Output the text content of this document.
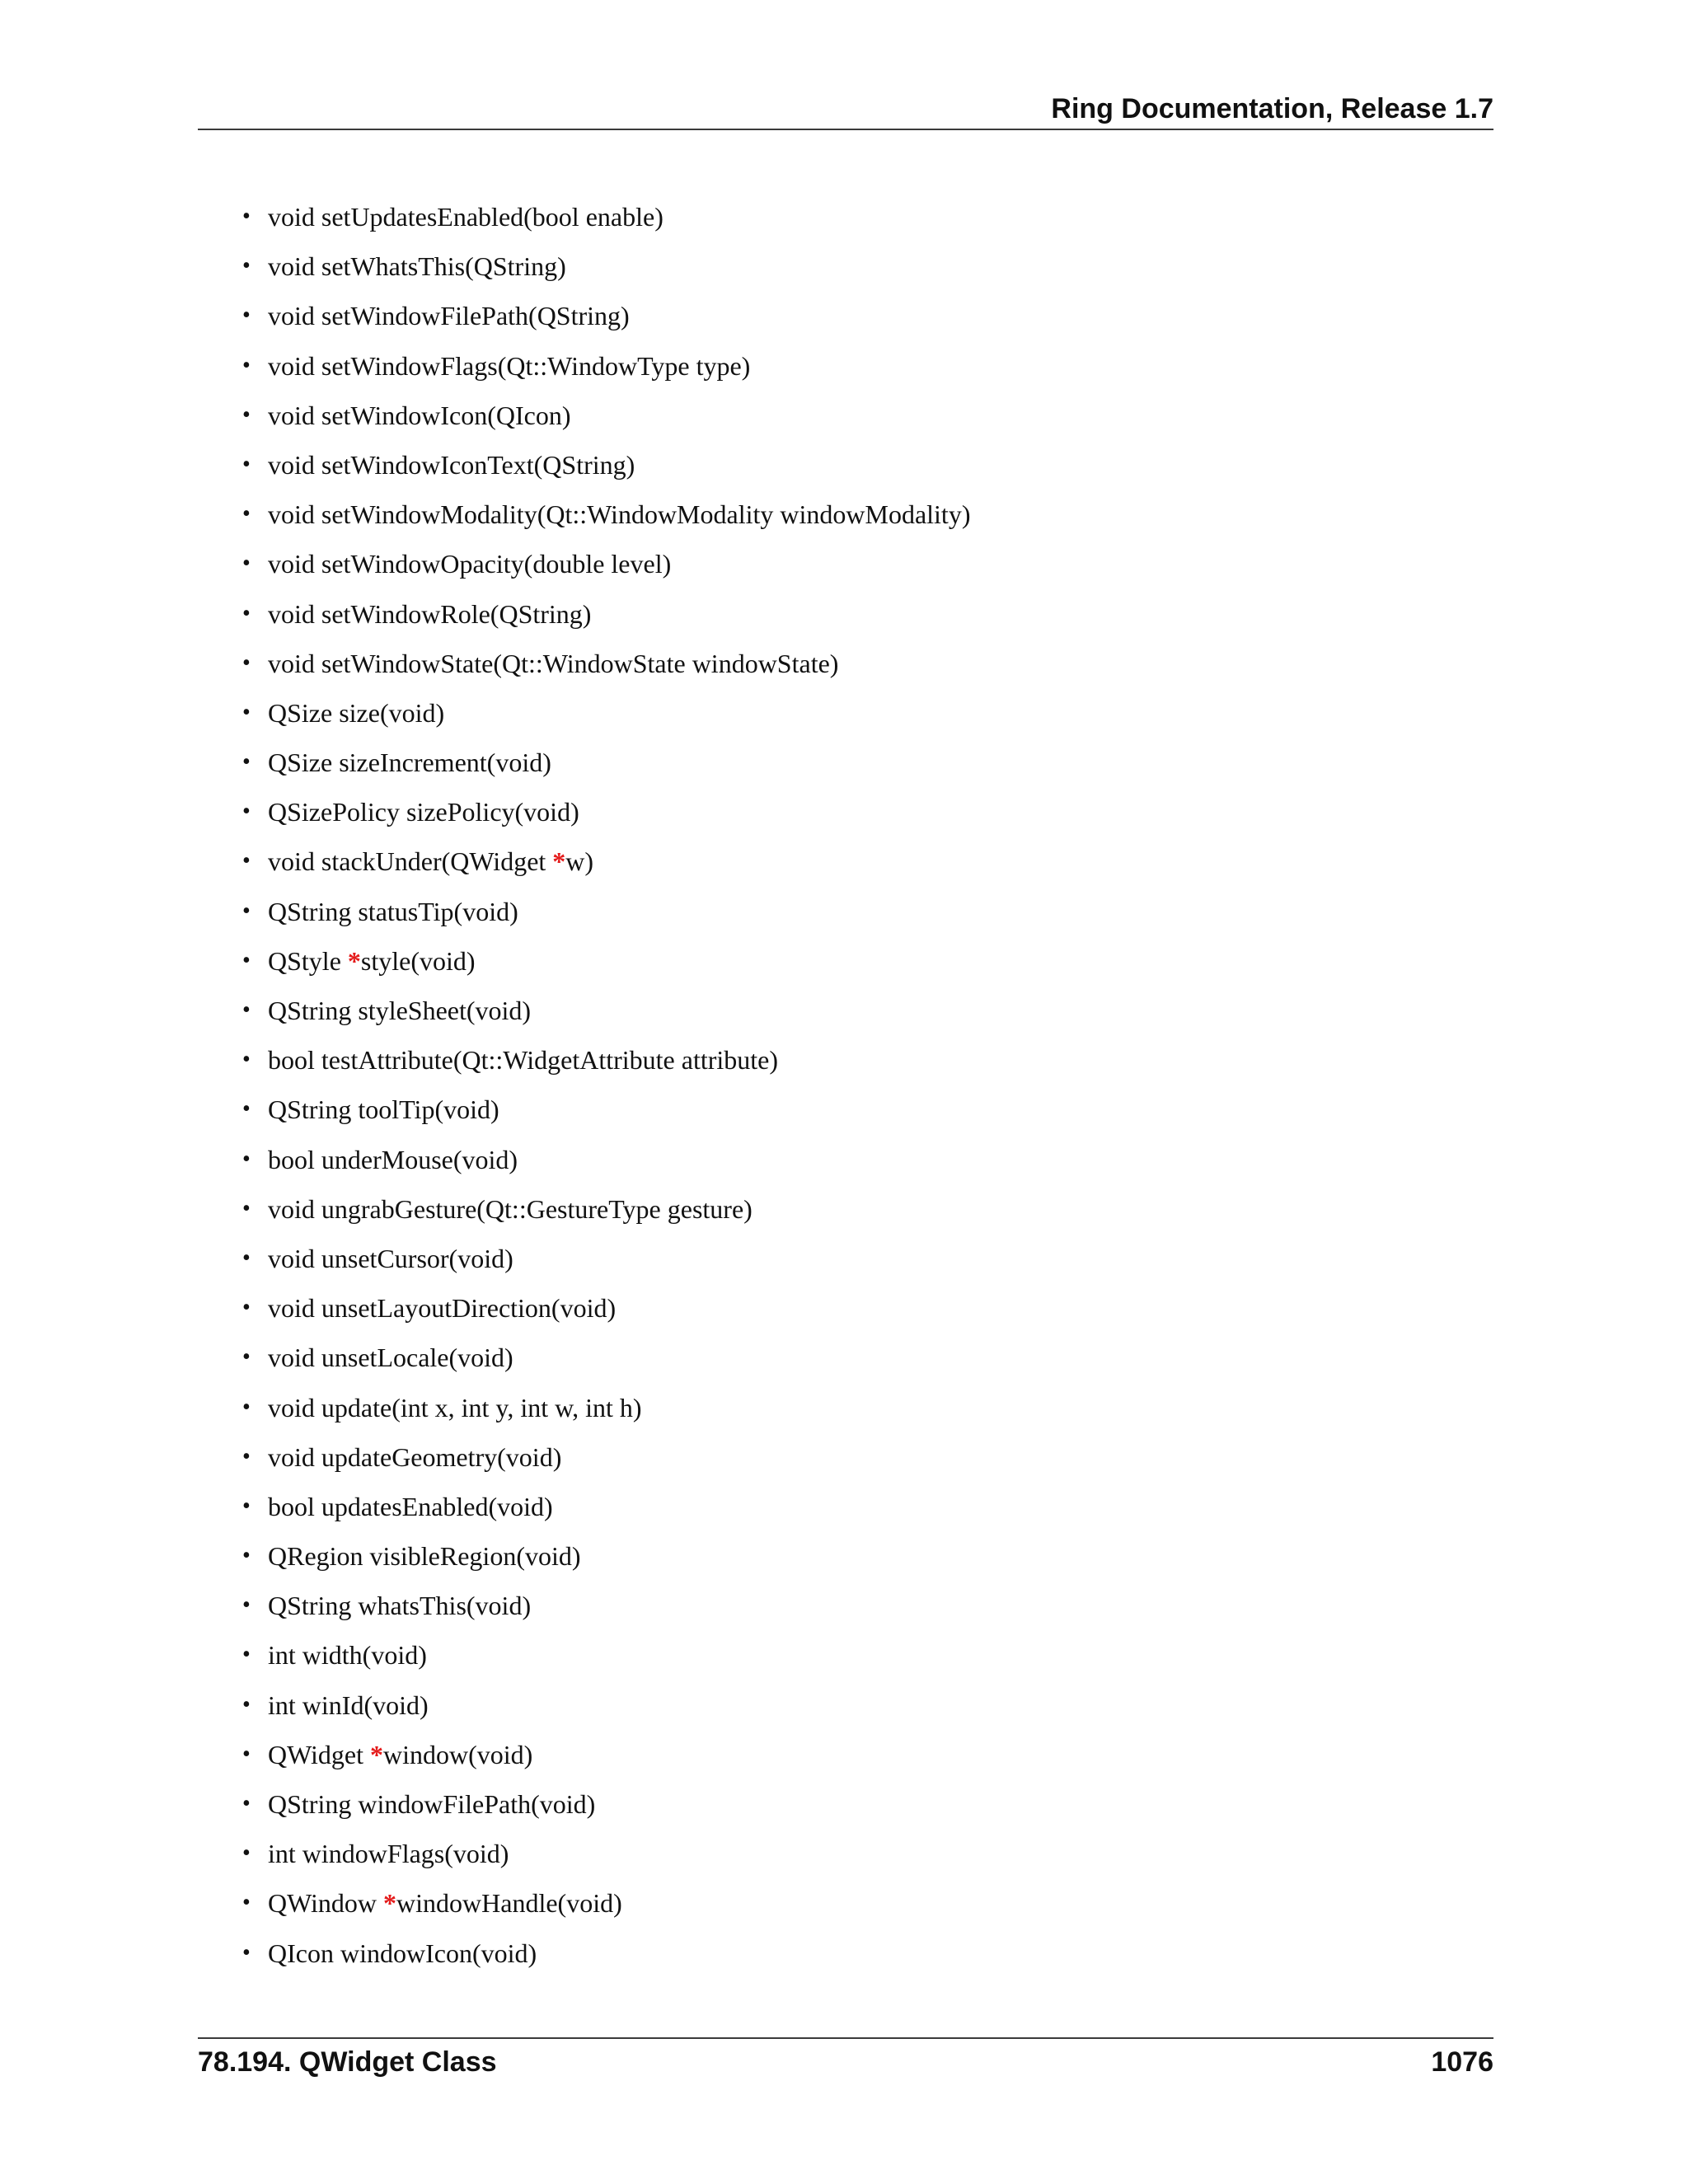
Ring Documentation, Release 1.7
• void setUpdatesEnabled(bool enable)
• void setWhatsThis(QString)
• void setWindowFilePath(QString)
• void setWindowFlags(Qt::WindowType type)
• void setWindowIcon(QIcon)
• void setWindowIconText(QString)
• void setWindowModality(Qt::WindowModality windowModality)
• void setWindowOpacity(double level)
• void setWindowRole(QString)
• void setWindowState(Qt::WindowState windowState)
• QSize size(void)
• QSize sizeIncrement(void)
• QSizePolicy sizePolicy(void)
• void stackUnder(QWidget *w)
• QString statusTip(void)
• QStyle *style(void)
• QString styleSheet(void)
• bool testAttribute(Qt::WidgetAttribute attribute)
• QString toolTip(void)
• bool underMouse(void)
• void ungrabGesture(Qt::GestureType gesture)
• void unsetCursor(void)
• void unsetLayoutDirection(void)
• void unsetLocale(void)
• void update(int x, int y, int w, int h)
• void updateGeometry(void)
• bool updatesEnabled(void)
• QRegion visibleRegion(void)
• QString whatsThis(void)
• int width(void)
• int winId(void)
• QWidget *window(void)
• QString windowFilePath(void)
• int windowFlags(void)
• QWindow *windowHandle(void)
• QIcon windowIcon(void)
78.194. QWidget Class	1076
